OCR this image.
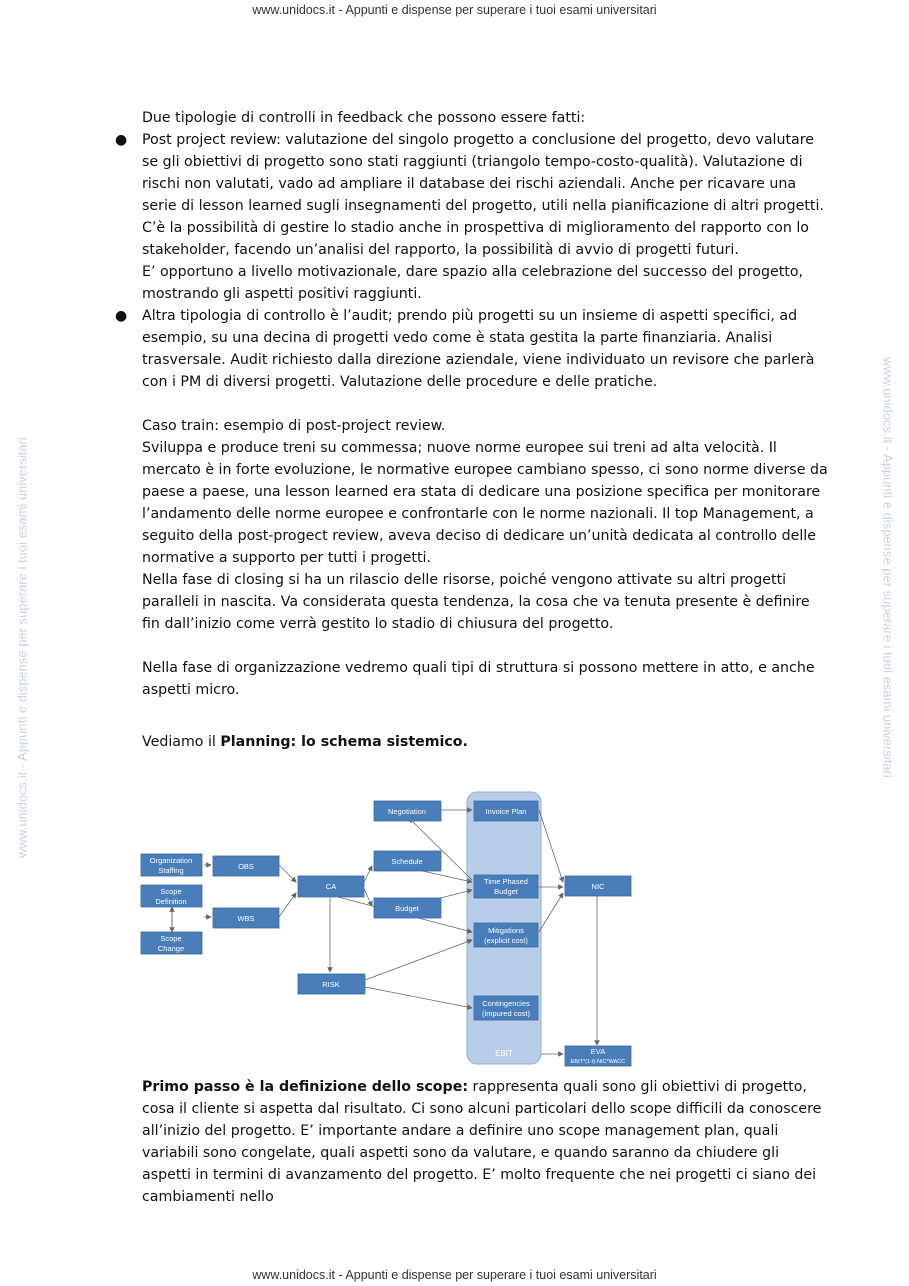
www.unidocs.it - Appunti e dispense per superare i tuoi esami universitari
www.unidocs.it - Appunti e dispense per superare i tuoi esami universitari
www.unidocs.it - Appunti e dispense per superare i tuoi esami universitari	www.unidocs.it - Appunti e dispense per superare i tuoi esami universitari

Due tipologie di controlli in feedback che possono essere fatti:

● Post project review: valutazione del singolo progetto a conclusione del progetto, devo valutare se gli obiettivi di progetto sono stati raggiunti (triangolo tempo-costo-qualità). Valutazione di rischi non valutati, vado ad ampliare il database dei rischi aziendali. Anche per ricavare una serie di lesson learned sugli insegnamenti del progetto, utili nella pianificazione di altri progetti. C’è la possibilità di gestire lo stadio anche in prospettiva di miglioramento del rapporto con lo stakeholder, facendo un’analisi del rapporto, la possibilità di avvio di progetti futuri.

E’ opportuno a livello motivazionale, dare spazio alla celebrazione del successo del progetto, mostrando gli aspetti positivi raggiunti.

● Altra tipologia di controllo è l’audit; prendo più progetti su un insieme di aspetti specifici, ad esempio, su una decina di progetti vedo come è stata gestita la parte finanziaria. Analisi trasversale. Audit richiesto dalla direzione aziendale, viene individuato un revisore che parlerà con i PM di diversi progetti. Valutazione delle procedure e delle pratiche.

Caso train: esempio di post-project review.

Sviluppa e produce treni su commessa; nuove norme europee sui treni ad alta velocità. Il mercato è in forte evoluzione, le normative europee cambiano spesso, ci sono norme diverse da paese a paese, una lesson learned era stata di dedicare una posizione specifica per monitorare l’andamento delle norme europee e confrontarle con le norme nazionali. Il top Management, a seguito della post-progect review, aveva deciso di dedicare un’unità dedicata al controllo delle normative a supporto per tutti i progetti.

Nella fase di closing si ha un rilascio delle risorse, poiché vengono attivate su altri progetti paralleli in nascita. Va considerata questa tendenza, la cosa che va tenuta presente è definire fin dall’inizio come verrà gestito lo stadio di chiusura del progetto.

Nella fase di organizzazione vedremo quali tipi di struttura si possono mettere in atto, e anche aspetti micro.

Vediamo il Planning: lo schema sistemico.
EBIT
Organization
Staffing
Scope
Definition
Scope
Change
OBS
WBS
CA
RISK
Negotiation
Schedule
Budget
Invoice Plan
Time Phased
Budget
Mitigations
(explicit cost)
Contingencies
(impured cost)
NIC
EVA
EBIT*(1-t)-NIC*WACC

Primo passo è la definizione dello scope: rappresenta quali sono gli obiettivi di progetto, cosa il cliente si aspetta dal risultato. Ci sono alcuni particolari dello scope difficili da conoscere all’inizio del progetto. E’ importante andare a definire uno scope management plan, quali variabili sono congelate, quali aspetti sono da valutare, e quando saranno da chiudere gli aspetti in termini di avanzamento del progetto. E’ molto frequente che nei progetti ci siano dei cambiamenti nello
